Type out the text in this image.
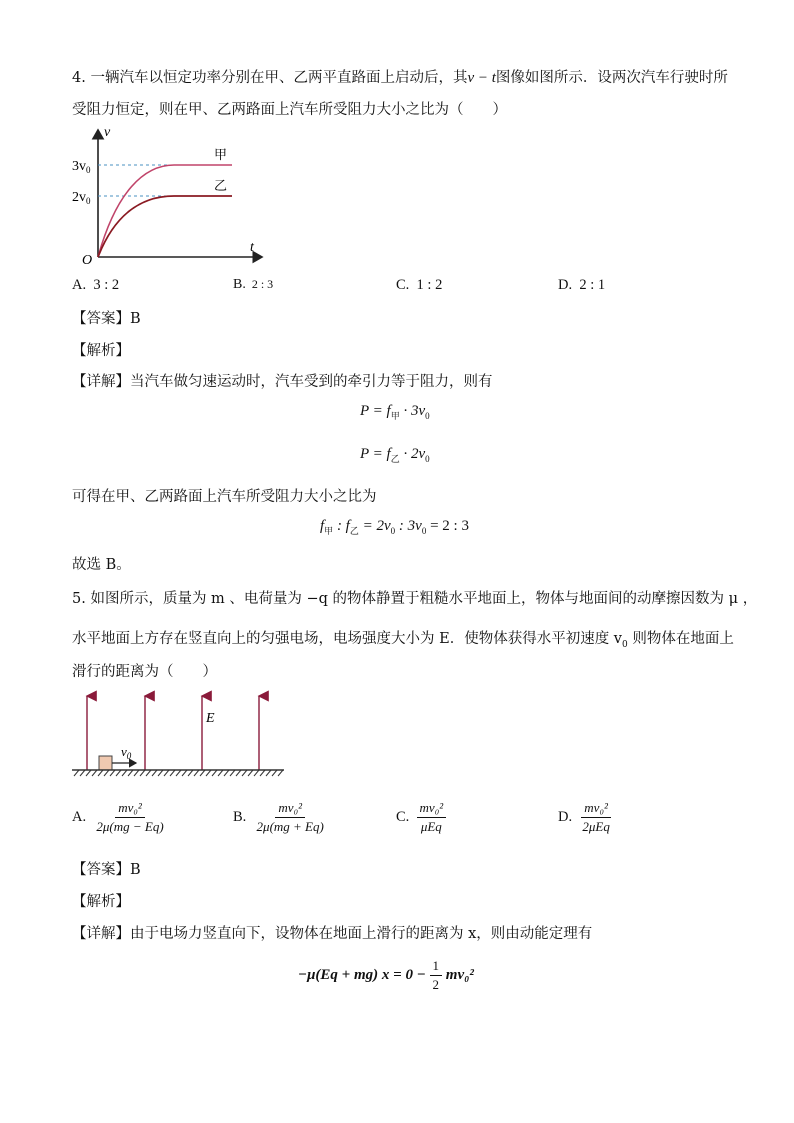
4. 一辆汽车以恒定功率分别在甲、乙两平直路面上启动后，其v − t图像如图所示．设两次汽车行驶时所
受阻力恒定，则在甲、乙两路面上汽车所受阻力大小之比为（　　）
v
t
O
$3v_0$
$2v_0$
甲
乙
A. 3 : 2	B. 2 : 3	C. 1 : 2	D. 2 : 1
【答案】B
【解析】
【详解】当汽车做匀速运动时，汽车受到的牵引力等于阻力，则有
$P = f_甲 \cdot 3v_0$
$P = f_乙 \cdot 2v_0$
可得在甲、乙两路面上汽车所受阻力大小之比为
$f_甲$ : $f_乙 = 2v_0$ : $3v_0 = 2$ : 3
故选 B。
5. 如图所示，质量为 m 、电荷量为 −q 的物体静置于粗糙水平地面上，物体与地面间的动摩擦因数为 μ ，
水平地面上方存在竖直向上的匀强电场，电场强度大小为 E．使物体获得水平初速度 $v_0$ 则物体在地面上
滑行的距离为（　　）
E
$v_0$
A. $\frac{\text{mv₀²}}{2\mu(mg - Eq)}$	B. $\frac{\text{mv₀²}}{2\mu(mg + Eq)}$	C. $\frac{\text{mv₀²}}{\text{μEq}}$	D. $\frac{\text{mv₀²}}{\text{2μEq}}$
【答案】B
【解析】
【详解】由于电场力竖直向下，设物体在地面上滑行的距离为 x，则由动能定理有
−μ(Eq + mg) $x = 0 - \frac{1}{2} mv_0^2$
